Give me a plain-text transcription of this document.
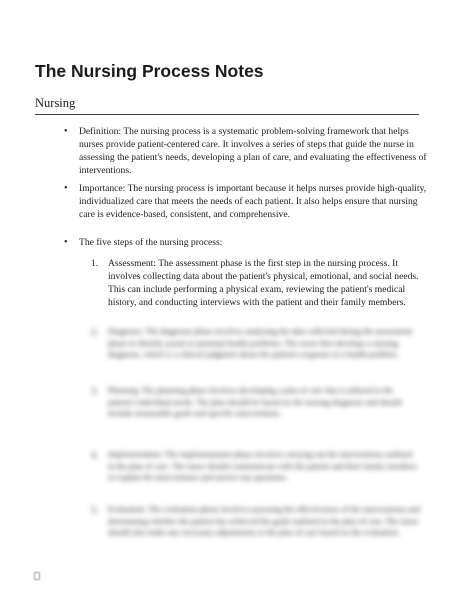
The Nursing Process Notes
Nursing
• Definition: The nursing process is a systematic problem-solving framework that helps nurses provide patient-centered care. It involves a series of steps that guide the nurse in assessing the patient's needs, developing a plan of care, and evaluating the effectiveness of interventions.
• Importance: The nursing process is important because it helps nurses provide high-quality, individualized care that meets the needs of each patient. It also helps ensure that nursing care is evidence-based, consistent, and comprehensive.
• The five steps of the nursing process:
1. Assessment: The assessment phase is the first step in the nursing process. It involves collecting data about the patient's physical, emotional, and social needs. This can include performing a physical exam, reviewing the patient's medical history, and conducting interviews with the patient and their family members.
2. Diagnosis: The diagnosis phase involves analyzing the data collected during the assessment phase to identify actual or potential health problems. The nurse then develops a nursing diagnosis, which is a clinical judgment about the patient's response to a health problem.
3. Planning: The planning phase involves developing a plan of care that is tailored to the patient's individual needs. The plan should be based on the nursing diagnosis and should include measurable goals and specific interventions.
4. Implementation: The implementation phase involves carrying out the interventions outlined in the plan of care. The nurse should communicate with the patient and their family members to explain the interventions and answer any questions.
5. Evaluation: The evaluation phase involves assessing the effectiveness of the interventions and determining whether the patient has achieved the goals outlined in the plan of care. The nurse should also make any necessary adjustments to the plan of care based on the evaluation.
